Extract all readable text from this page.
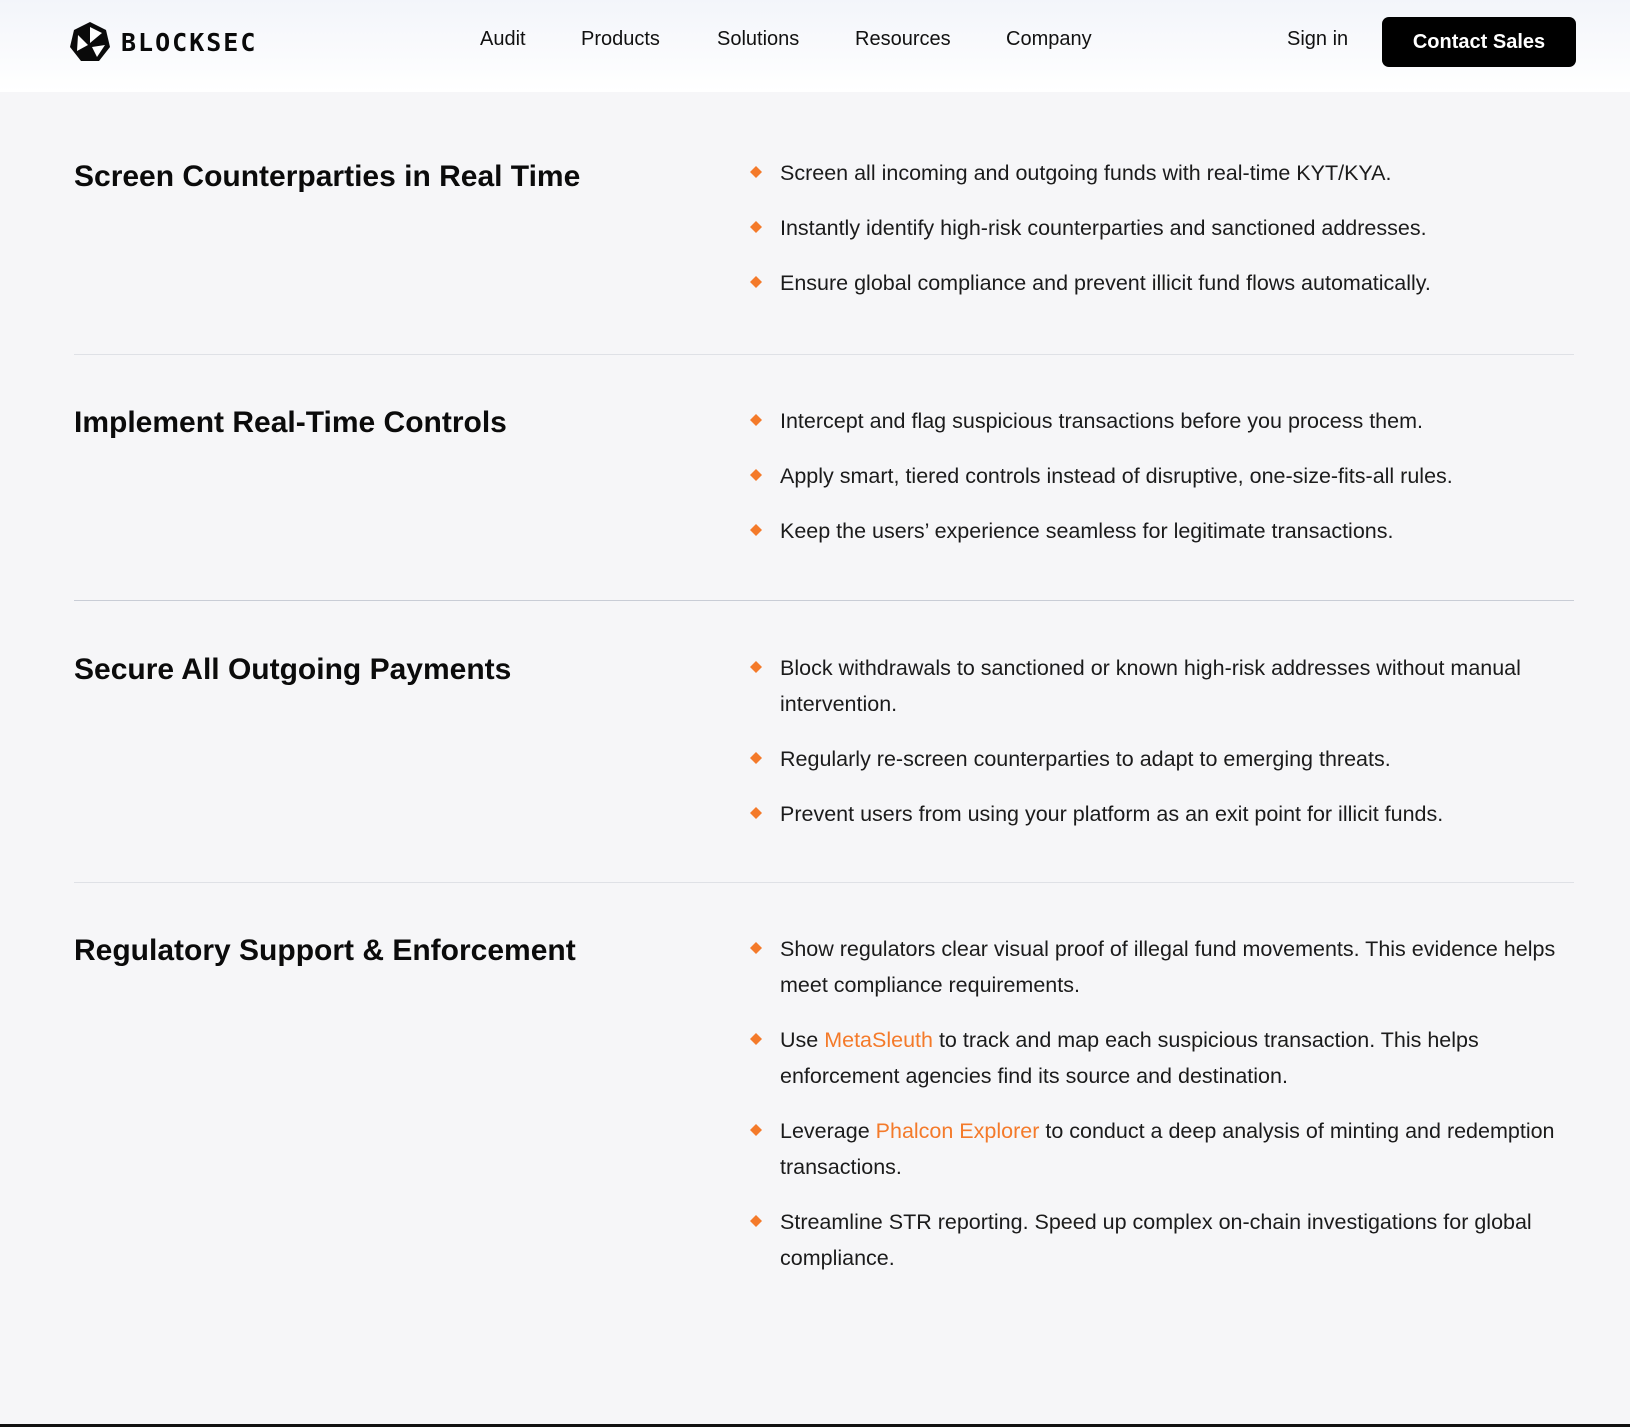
BLOCKSEC	Audit	Products	Solutions	Resources	Company	Sign in	Contact Sales
Screen Counterparties in Real Time	Screen all incoming and outgoing funds with real-time KYT/KYA.
Instantly identify high-risk counterparties and sanctioned addresses.
Ensure global compliance and prevent illicit fund flows automatically.
Implement Real-Time Controls	Intercept and flag suspicious transactions before you process them.
Apply smart, tiered controls instead of disruptive, one-size-fits-all rules.
Keep the users’ experience seamless for legitimate transactions.
Secure All Outgoing Payments	Block withdrawals to sanctioned or known high-risk addresses without manual intervention.
Regularly re-screen counterparties to adapt to emerging threats.
Prevent users from using your platform as an exit point for illicit funds.
Regulatory Support & Enforcement	Show regulators clear visual proof of illegal fund movements. This evidence helps meet compliance requirements.
Use MetaSleuth to track and map each suspicious transaction. This helps enforcement agencies find its source and destination.
Leverage Phalcon Explorer to conduct a deep analysis of minting and redemption transactions.
Streamline STR reporting. Speed up complex on-chain investigations for global compliance.
